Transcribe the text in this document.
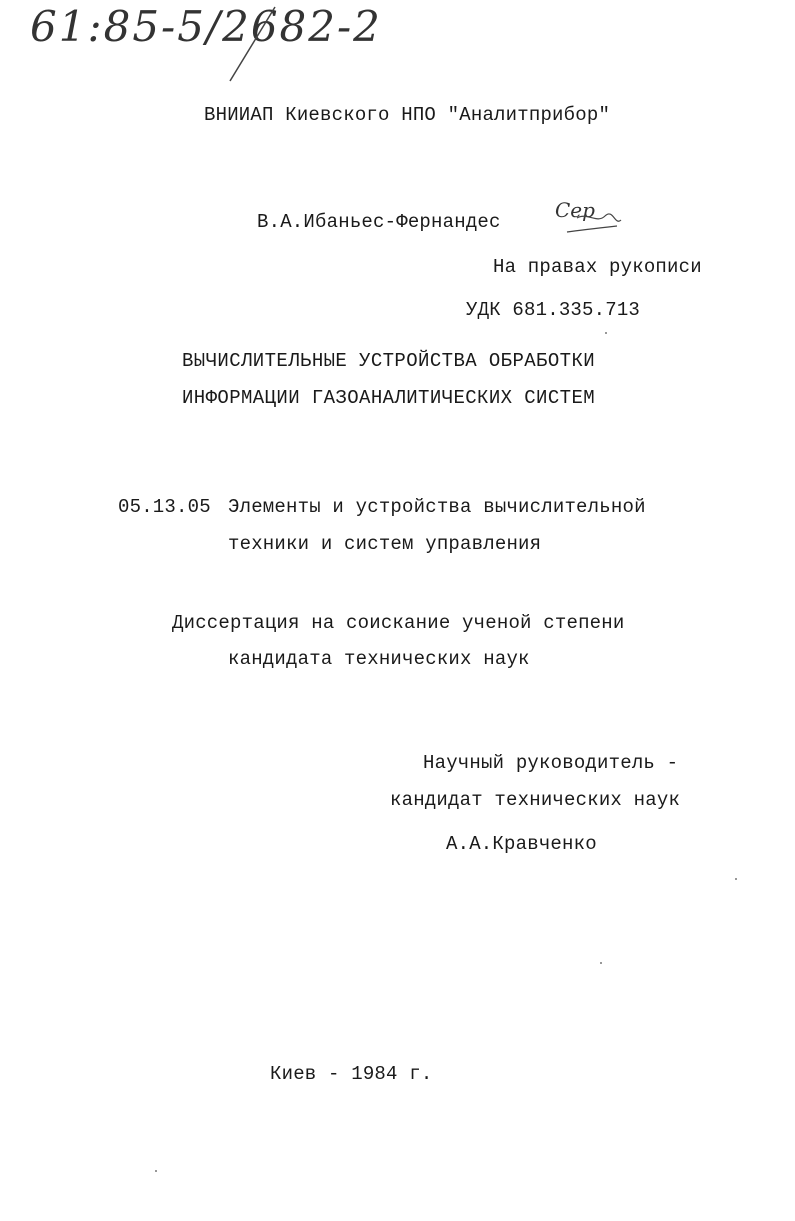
61:85-5/2682-2
ВНИИАП Киевского НПО "Аналитприбор"
В.А.Ибаньес-Фернандес	Сер
На правах рукописи
УДК 681.335.713
ВЫЧИСЛИТЕЛЬНЫЕ УСТРОЙСТВА ОБРАБОТКИ
ИНФОРМАЦИИ ГАЗОАНАЛИТИЧЕСКИХ СИСТЕМ
05.13.05 Элементы и устройства вычислительной
техники и систем управления
Диссертация на соискание ученой степени
кандидата технических наук
Научный руководитель -
кандидат технических наук
А.А.Кравченко
Киев - 1984 г.
